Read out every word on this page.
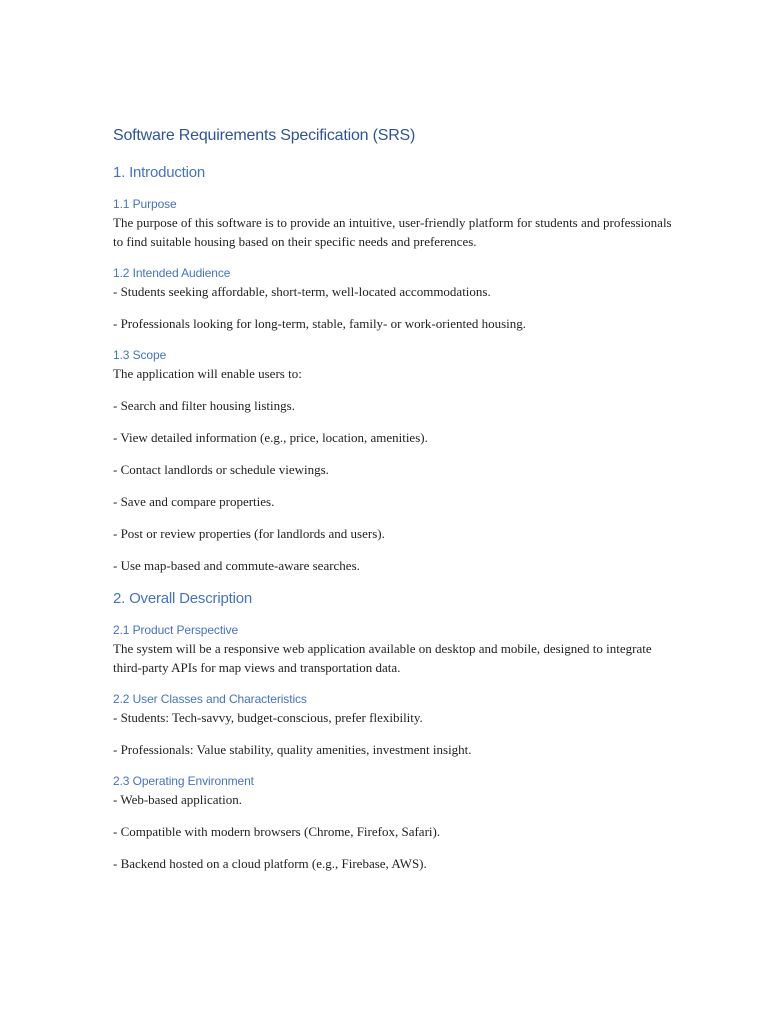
Software Requirements Specification (SRS)
1. Introduction
1.1 Purpose
The purpose of this software is to provide an intuitive, user-friendly platform for students and professionals to find suitable housing based on their specific needs and preferences.
1.2 Intended Audience
- Students seeking affordable, short-term, well-located accommodations.
- Professionals looking for long-term, stable, family- or work-oriented housing.
1.3 Scope
The application will enable users to:
- Search and filter housing listings.
- View detailed information (e.g., price, location, amenities).
- Contact landlords or schedule viewings.
- Save and compare properties.
- Post or review properties (for landlords and users).
- Use map-based and commute-aware searches.
2. Overall Description
2.1 Product Perspective
The system will be a responsive web application available on desktop and mobile, designed to integrate third-party APIs for map views and transportation data.
2.2 User Classes and Characteristics
- Students: Tech-savvy, budget-conscious, prefer flexibility.
- Professionals: Value stability, quality amenities, investment insight.
2.3 Operating Environment
- Web-based application.
- Compatible with modern browsers (Chrome, Firefox, Safari).
- Backend hosted on a cloud platform (e.g., Firebase, AWS).
